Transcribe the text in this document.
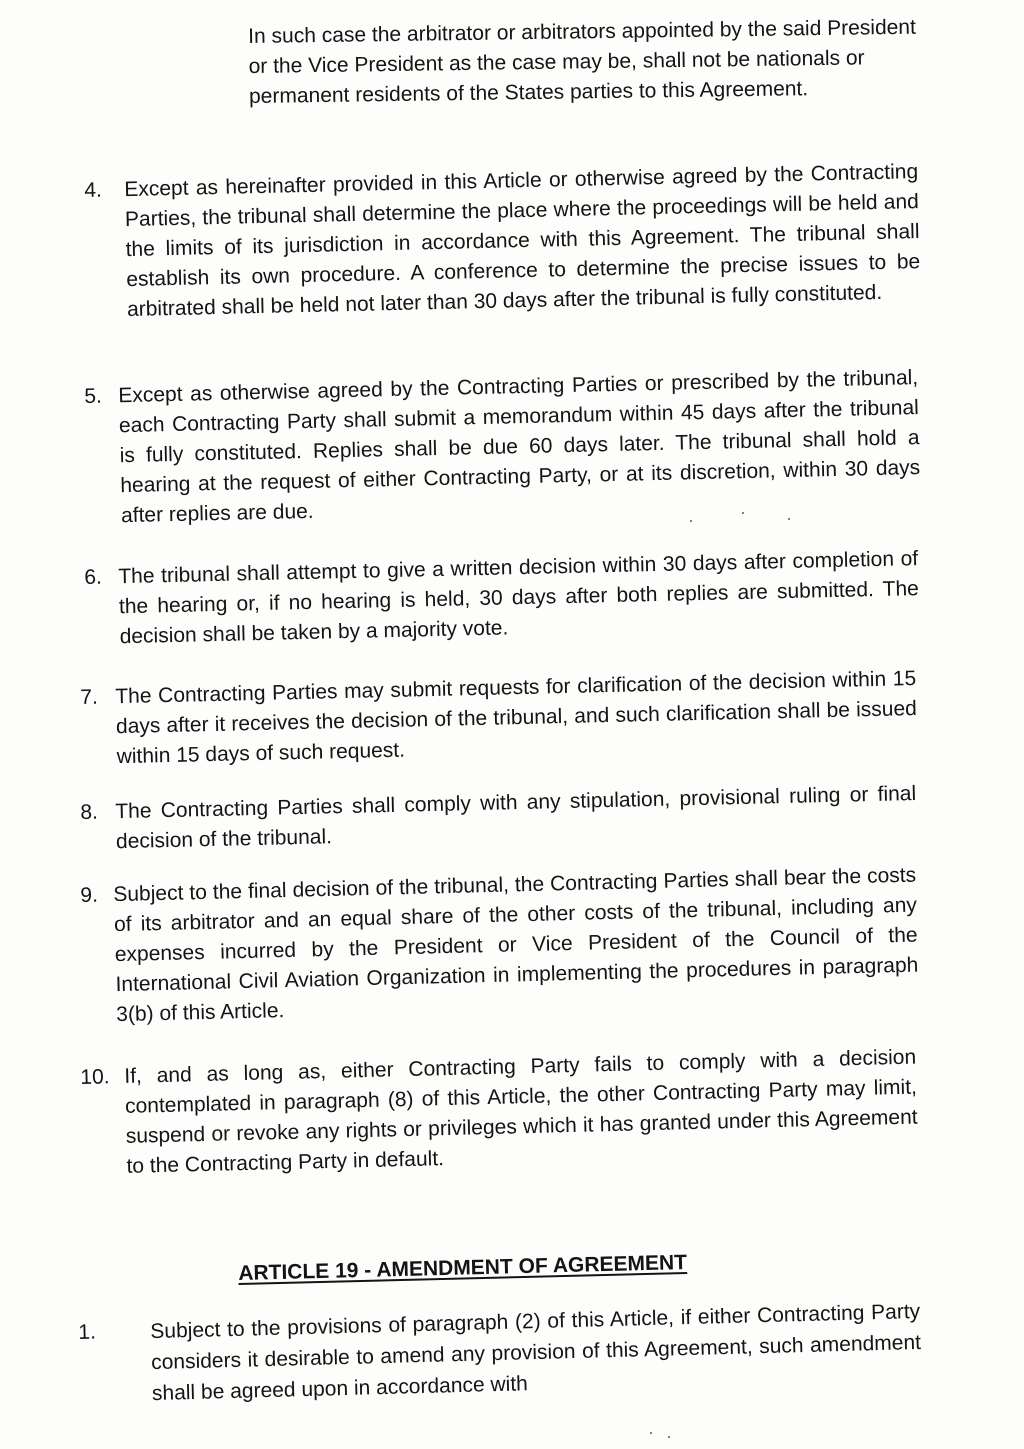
In such case the arbitrator or arbitrators appointed by the said President or the Vice President as the case may be, shall not be nationals or permanent residents of the States parties to this Agreement.
4.	Except as hereinafter provided in this Article or otherwise agreed by the Contracting Parties, the tribunal shall determine the place where the proceedings will be held and the limits of its jurisdiction in accordance with this Agreement. The tribunal shall establish its own procedure. A conference to determine the precise issues to be arbitrated shall be held not later than 30 days after the tribunal is fully constituted.
5. Except as otherwise agreed by the Contracting Parties or prescribed by the tribunal, each Contracting Party shall submit a memorandum within 45 days after the tribunal is fully constituted. Replies shall be due 60 days later. The tribunal shall hold a hearing at the request of either Contracting Party, or at its discretion, within 30 days after replies are due.
6. The tribunal shall attempt to give a written decision within 30 days after completion of the hearing or, if no hearing is held, 30 days after both replies are submitted. The decision shall be taken by a majority vote.
7. The Contracting Parties may submit requests for clarification of the decision within 15 days after it receives the decision of the tribunal, and such clarification shall be issued within 15 days of such request.
8. The Contracting Parties shall comply with any stipulation, provisional ruling or final decision of the tribunal.
9. Subject to the final decision of the tribunal, the Contracting Parties shall bear the costs of its arbitrator and an equal share of the other costs of the tribunal, including any expenses incurred by the President or Vice President of the Council of the International Civil Aviation Organization in implementing the procedures in paragraph 3(b) of this Article.
10. If, and as long as, either Contracting Party fails to comply with a decision contemplated in paragraph (8) of this Article, the other Contracting Party may limit, suspend or revoke any rights or privileges which it has granted under this Agreement to the Contracting Party in default.
ARTICLE 19 - AMENDMENT OF AGREEMENT
1.	Subject to the provisions of paragraph (2) of this Article, if either Contracting Party considers it desirable to amend any provision of this Agreement, such amendment shall be agreed upon in accordance with
